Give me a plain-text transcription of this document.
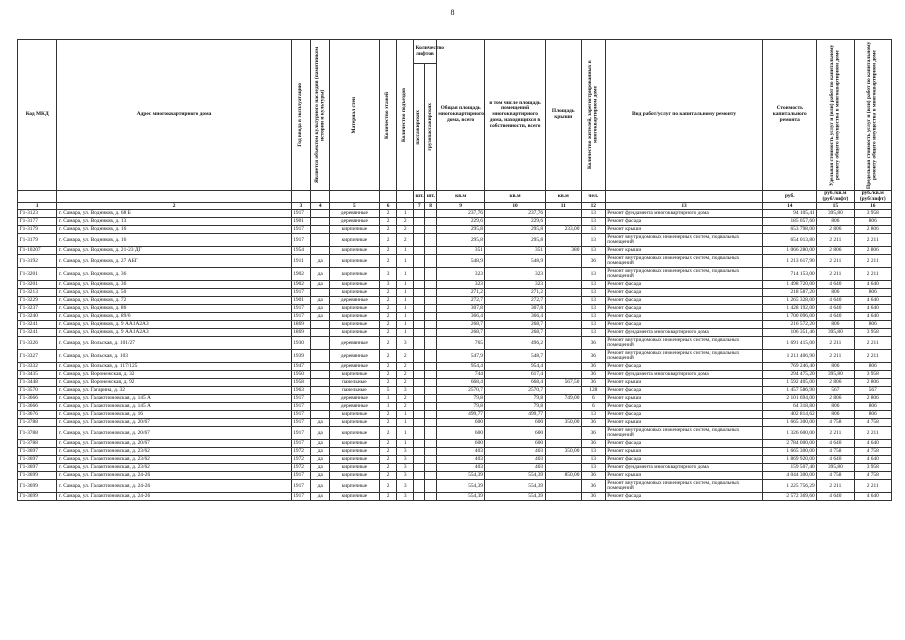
8
Код МКД	Адрес многоквартирного дома	Год ввода в эксплуатацию	Является объектом культурного наследия (памятником истории и культуры)	Материал стен	Количество этажей	Количество подъездов	Количество лифтов		Общая площадь многоквартирного дома, всего	в том числе площадь помещений многоквартирного дома, находящихся в собственности, всего	Площадь крыши	Количество жителей, зарегистрированных в многоквартирном доме	Вид работ/услуг по капитальному ремонту	Стоимость капитального ремонта	Удельная стоимость услуг и (или) работ по капитальному ремонту общего имущества в многоквартирном доме	Предельная стоимость услуг и (или) работ по капитальному ремонту общего имущества в многоквартирном доме

							пассажирских	грузопассажирских								

							шт.	шт.	кв.м	кв.м	кв.м	чел.		руб.	руб./кв.м (руб/лифт)	руб./кв.м (руб/лифт)
1	2	3	4	5	6		7	8	9	10	11	12	13	14	15	16
Г1-3123	г. Самара, ул. Водников, д. 68 Б	1917		деревянные	2	1			237,76	237,76		13	Ремонт фундамента многоквартирного дома	94 105,41	395,80	3 958
Г1-3177	г. Самара, ул. Водников, д. 13	1901		деревянные	2	2			229,6	229,6		13	Ремонт фасада	185 057,60	806	806
Г1-3179	г. Самара, ул. Водников, д. 16	1917		кирпичные	2	2			295,8	295,8	233,00	13	Ремонт крыши	653 798,00	2 806	2 806
Г1-3179	г. Самара, ул. Водников, д. 16	1917		кирпичные	2	2			295,8	295,8		13	Ремонт внутридомовых инженерных систем, подвальных помещений	654 013,80	2 211	2 211
Г1-10207	г. Самара, ул. Водников, д. 21-23 ДГ	1954		кирпичные	2	1			351	351	380	13	Ремонт крыши	1 066 280,00	2 806	2 806
Г1-3192	г. Самара, ул. Водников, д. 27 АБГ	1911	да	кирпичные	2	1			548,9	548,9		36	Ремонт внутридомовых инженерных систем, подвальных помещений	1 213 617,90	2 211	2 211
Г1-3201	г. Самара, ул. Водников, д. 36	1902	да	кирпичные	3	1			323	323		13	Ремонт внутридомовых инженерных систем, подвальных помещений	714 153,00	2 211	2 211
Г1-3201	г. Самара, ул. Водников, д. 36	1902	да	кирпичные	3	1			323	323		13	Ремонт фасада	1 498 720,00	4 640	4 640
Г1-3213	г. Самара, ул. Водников, д. 50	1917		кирпичные	2	1			271,2	271,2		13	Ремонт фасада	218 587,20	806	806
Г1-3229	г. Самара, ул. Водников, д. 72	1901	да	деревянные	2	1			272,7	272,7		13	Ремонт фасада	1 265 328,00	4 640	4 640
Г1-3237	г. Самара, ул. Водников, д. 86	1917	да	кирпичные	2	1			307,8	307,8		13	Ремонт фасада	1 428 192,00	4 640	4 640
Г1-3240	г. Самара, ул. Водников, д. 89/6	1917	да	кирпичные	2	1			366,4	366,4		13	Ремонт фасада	1 700 096,00	4 640	4 640
Г1-3241	г. Самара, ул. Водников, д. 9 АА1А2А3	1869		кирпичные	2	1			268,7	268,7		13	Ремонт фасада	216 572,20	806	806
Г1-3241	г. Самара, ул. Водников, д. 9 АА1А2А3	1869		кирпичные	2	1			268,7	268,7		13	Ремонт фундамента многоквартирного дома	106 351,46	395,80	3 958
Г1-3326	г. Самара, ул. Вольская, д. 101/27	1930		деревянные	2	3			765	496,2		36	Ремонт внутридомовых инженерных систем, подвальных помещений	1 691 415,00	2 211	2 211
Г1-3327	г. Самара, ул. Вольская, д. 103	1939		деревянные	2	2			547,9	548,7		36	Ремонт внутридомовых инженерных систем, подвальных помещений	1 211 406,90	2 211	2 211
Г1-3332	г. Самара, ул. Вольская, д. 117/125	1947		деревянные	2	2			954,4	954,4		36	Ремонт фасада	769 246,40	806	806
Г1-3435	г. Самара, ул. Воронежская, д. 32	1950		кирпичные	2	2			744	617,4		36	Ремонт фундамента многоквартирного дома	294 475,20	395,80	3 958
Г1-3448	г. Самара, ул. Воронежская, д. 92	1958		панельные	2	2			668,4	668,4	567,50	36	Ремонт крыши	1 592 405,00	2 806	2 806
Г1-3570	г. Самара, ул. Гагарина, д. 32	1963		панельные	5	3			2570,7	2570,7		128	Ремонт фасада	1 457 586,90	567	567
Г1-3666	г. Самара, ул. Галактионовская, д. 145 А	1917		деревянные	1	2			79,8	79,8	749,00	6	Ремонт крыши	2 101 694,00	2 806	2 806
Г1-3666	г. Самара, ул. Галактионовская, д. 145 А	1917		деревянные	1	2			79,8	79,8		6	Ремонт фасада	64 318,80	806	806
Г1-3676	г. Самара, ул. Галактионовская, д. 16	1917		кирпичные	2	1			499,77	499,77		13	Ремонт фасада	402 814,62	806	806
Г1-3788	г. Самара, ул. Галактионовская, д. 20/67	1917	да	кирпичные	2	1			600	600	350,00	36	Ремонт крыши	1 665 300,00	4 758	4 758
Г1-3788	г. Самара, ул. Галактионовская, д. 20/67	1917	да	кирпичные	2	1			600	600		36	Ремонт внутридомовых инженерных систем, подвальных помещений	1 326 600,00	2 211	2 211
Г1-3788	г. Самара, ул. Галактионовская, д. 20/67	1917	да	кирпичные	2	1			600	600		36	Ремонт фасада	2 784 000,00	4 640	4 640
Г1-3697	г. Самара, ул. Галактионовская, д. 23/62	1972	да	кирпичные	2	3			403	403	350,00	13	Ремонт крыши	1 665 300,00	4 758	4 758
Г1-3697	г. Самара, ул. Галактионовская, д. 23/62	1972	да	кирпичные	2	3			403	403		13	Ремонт фасада	1 869 920,00	4 640	4 640
Г1-3697	г. Самара, ул. Галактионовская, д. 23/62	1972	да	кирпичные	2	3			403	403		13	Ремонт фундамента многоквартирного дома	159 507,40	395,80	3 958
Г1-3699	г. Самара, ул. Галактионовская, д. 24-26	1917	да	кирпичные	2	3			554,39	554,39	850,00	36	Ремонт крыши	4 044 300,00	4 758	4 758
Г1-3699	г. Самара, ул. Галактионовская, д. 24-26	1917	да	кирпичные	2	3			554,39	554,39		36	Ремонт внутридомовых инженерных систем, подвальных помещений	1 225 756,29	2 211	2 211
Г1-3699	г. Самара, ул. Галактионовская, д. 24-26	1917	да	кирпичные	2	3			554,39	554,39		36	Ремонт фасада	2 572 369,60	4 640	4 640
